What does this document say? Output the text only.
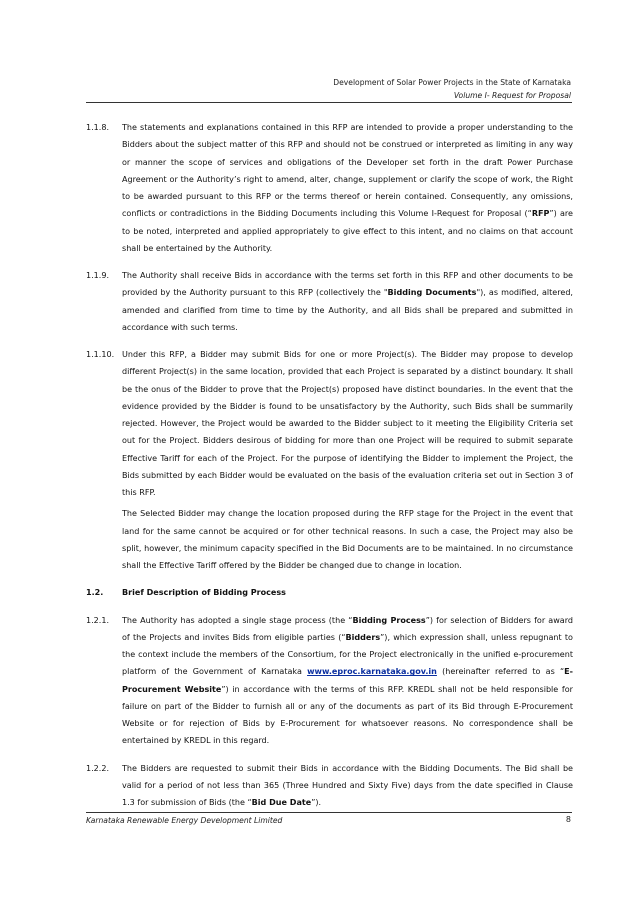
Development of Solar Power Projects in the State of Karnataka
Volume I- Request for Proposal
1.1.8.	The statements and explanations contained in this RFP are intended to provide a proper understanding to the Bidders about the subject matter of this RFP and should not be construed or interpreted as limiting in any way or manner the scope of services and obligations of the Developer set forth in the draft Power Purchase Agreement or the Authority’s right to amend, alter, change, supplement or clarify the scope of work, the Right to be awarded pursuant to this RFP or the terms thereof or herein contained. Consequently, any omissions, conflicts or contradictions in the Bidding Documents including this Volume I-Request for Proposal (“RFP”) are to be noted, interpreted and applied appropriately to give effect to this intent, and no claims on that account shall be entertained by the Authority.
1.1.9.	The Authority shall receive Bids in accordance with the terms set forth in this RFP and other documents to be provided by the Authority pursuant to this RFP (collectively the "Bidding Documents"), as modified, altered, amended and clarified from time to time by the Authority, and all Bids shall be prepared and submitted in accordance with such terms.
1.1.10. Under this RFP, a Bidder may submit Bids for one or more Project(s). The Bidder may propose to develop different Project(s) in the same location, provided that each Project is separated by a distinct boundary. It shall be the onus of the Bidder to prove that the Project(s) proposed have distinct boundaries. In the event that the evidence provided by the Bidder is found to be unsatisfactory by the Authority, such Bids shall be summarily rejected. However, the Project would be awarded to the Bidder subject to it meeting the Eligibility Criteria set out for the Project. Bidders desirous of bidding for more than one Project will be required to submit separate Effective Tariff for each of the Project. For the purpose of identifying the Bidder to implement the Project, the Bids submitted by each Bidder would be evaluated on the basis of the evaluation criteria set out in Section 3 of this RFP.
The Selected Bidder may change the location proposed during the RFP stage for the Project in the event that land for the same cannot be acquired or for other technical reasons. In such a case, the Project may also be split, however, the minimum capacity specified in the Bid Documents are to be maintained. In no circumstance shall the Effective Tariff offered by the Bidder be changed due to change in location.
1.2.	Brief Description of Bidding Process
1.2.1.	The Authority has adopted a single stage process (the “Bidding Process”) for selection of Bidders for award of the Projects and invites Bids from eligible parties (“Bidders”), which expression shall, unless repugnant to the context include the members of the Consortium, for the Project electronically in the unified e-procurement platform of the Government of Karnataka www.eproc.karnataka.gov.in (hereinafter referred to as “E-Procurement Website”) in accordance with the terms of this RFP. KREDL shall not be held responsible for failure on part of the Bidder to furnish all or any of the documents as part of its Bid through E-Procurement Website or for rejection of Bids by E-Procurement for whatsoever reasons. No correspondence shall be entertained by KREDL in this regard.
1.2.2.	The Bidders are requested to submit their Bids in accordance with the Bidding Documents. The Bid shall be valid for a period of not less than 365 (Three Hundred and Sixty Five) days from the date specified in Clause 1.3 for submission of Bids (the “Bid Due Date”).
Karnataka Renewable Energy Development Limited	8
